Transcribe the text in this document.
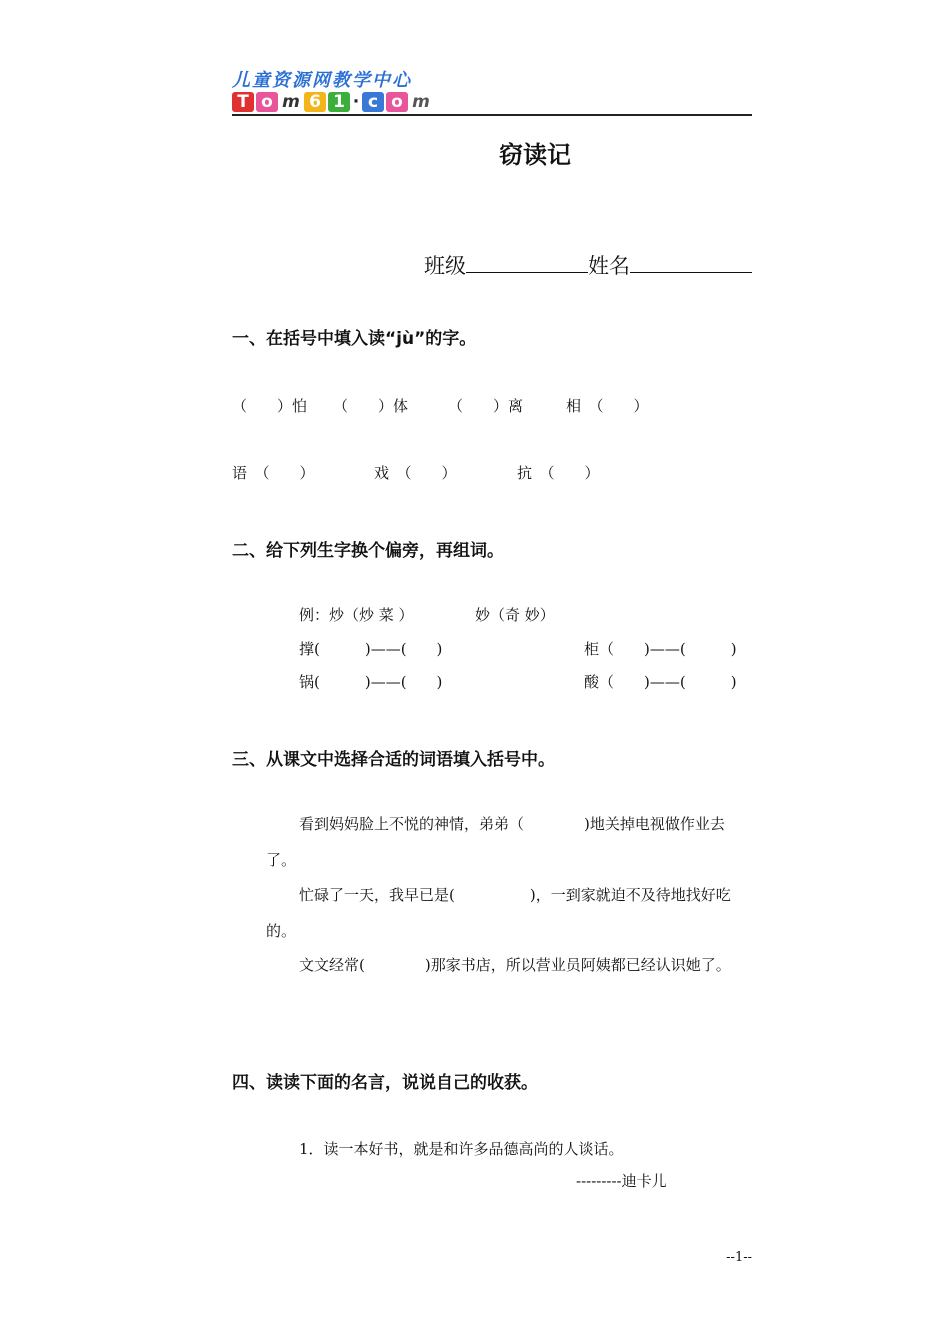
儿童资源网教学中心
T o m 6 1 · c o m
窃读记
班级	姓名
一、在括号中填入读“jù”的字。
（　　）怕 （　　）体	（　　）离	相　（　　）
语　（　　）	戏　（　　）	抗　（　　）
二、给下列生字换个偏旁，再组词。
例：炒（炒 菜 ）	妙（奇 妙）
撑(　　　)——(　　)	柜（　　)——(　　　)
锅(　　　)——(　　)	酸（　　)——(　　　)
三、从课文中选择合适的词语填入括号中。
看到妈妈脸上不悦的神情，弟弟（　　　　)地关掉电视做作业去了。
忙碌了一天，我早已是(　　　　　)，一到家就迫不及待地找好吃的。
文文经常(　　　　)那家书店，所以营业员阿姨都已经认识她了。
四、读读下面的名言，说说自己的收获。
1．读一本好书，就是和许多品德高尚的人谈话。
---------迪卡儿
--1--
